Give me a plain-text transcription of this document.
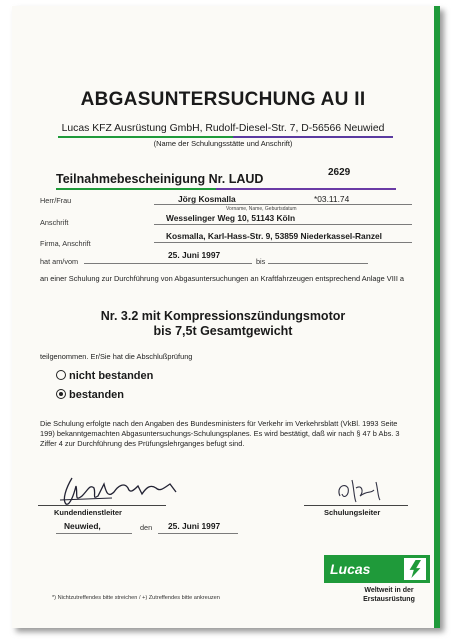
ABGASUNTERSUCHUNG AU II
Lucas KFZ Ausrüstung GmbH, Rudolf-Diesel-Str. 7, D-56566 Neuwied
(Name der Schulungsstätte und Anschrift)
Teilnahmebescheinigung Nr. LAUD	2629
Herr/Frau	Jörg Kosmalla	*03.11.74
Vorname, Name, Geburtsdatum
Anschrift	Wesselinger Weg 10, 51143 Köln
Firma, Anschrift
Kosmalla, Karl-Hass-Str. 9, 53859 Niederkassel-Ranzel
hat am/vom
25. Juni 1997
bis
an einer Schulung zur Durchführung von Abgasuntersuchungen an Kraftfahrzeugen entsprechend Anlage VIII a
Nr. 3.2 mit Kompressionszündungsmotor
bis 7,5t Gesamtgewicht
teilgenommen. Er/Sie hat die Abschlußprüfung
nicht bestanden
bestanden
Die Schulung erfolgte nach den Angaben des Bundesministers für Verkehr im Verkehrsblatt (VkBl. 1993 Seite 199) bekanntgemachten Abgasuntersuchungs-Schulungsplanes. Es wird bestätigt, daß wir nach § 47 b Abs. 3 Ziffer 4 zur Durchführung des Prüfungslehrganges befugt sind.
Kundendienstleiter	Schulungsleiter
Neuwied,	den 25. Juni 1997
Lucas
Weltweit in der Erstausrüstung
*) Nichtzutreffendes bitte streichen / +) Zutreffendes bitte ankreuzen
